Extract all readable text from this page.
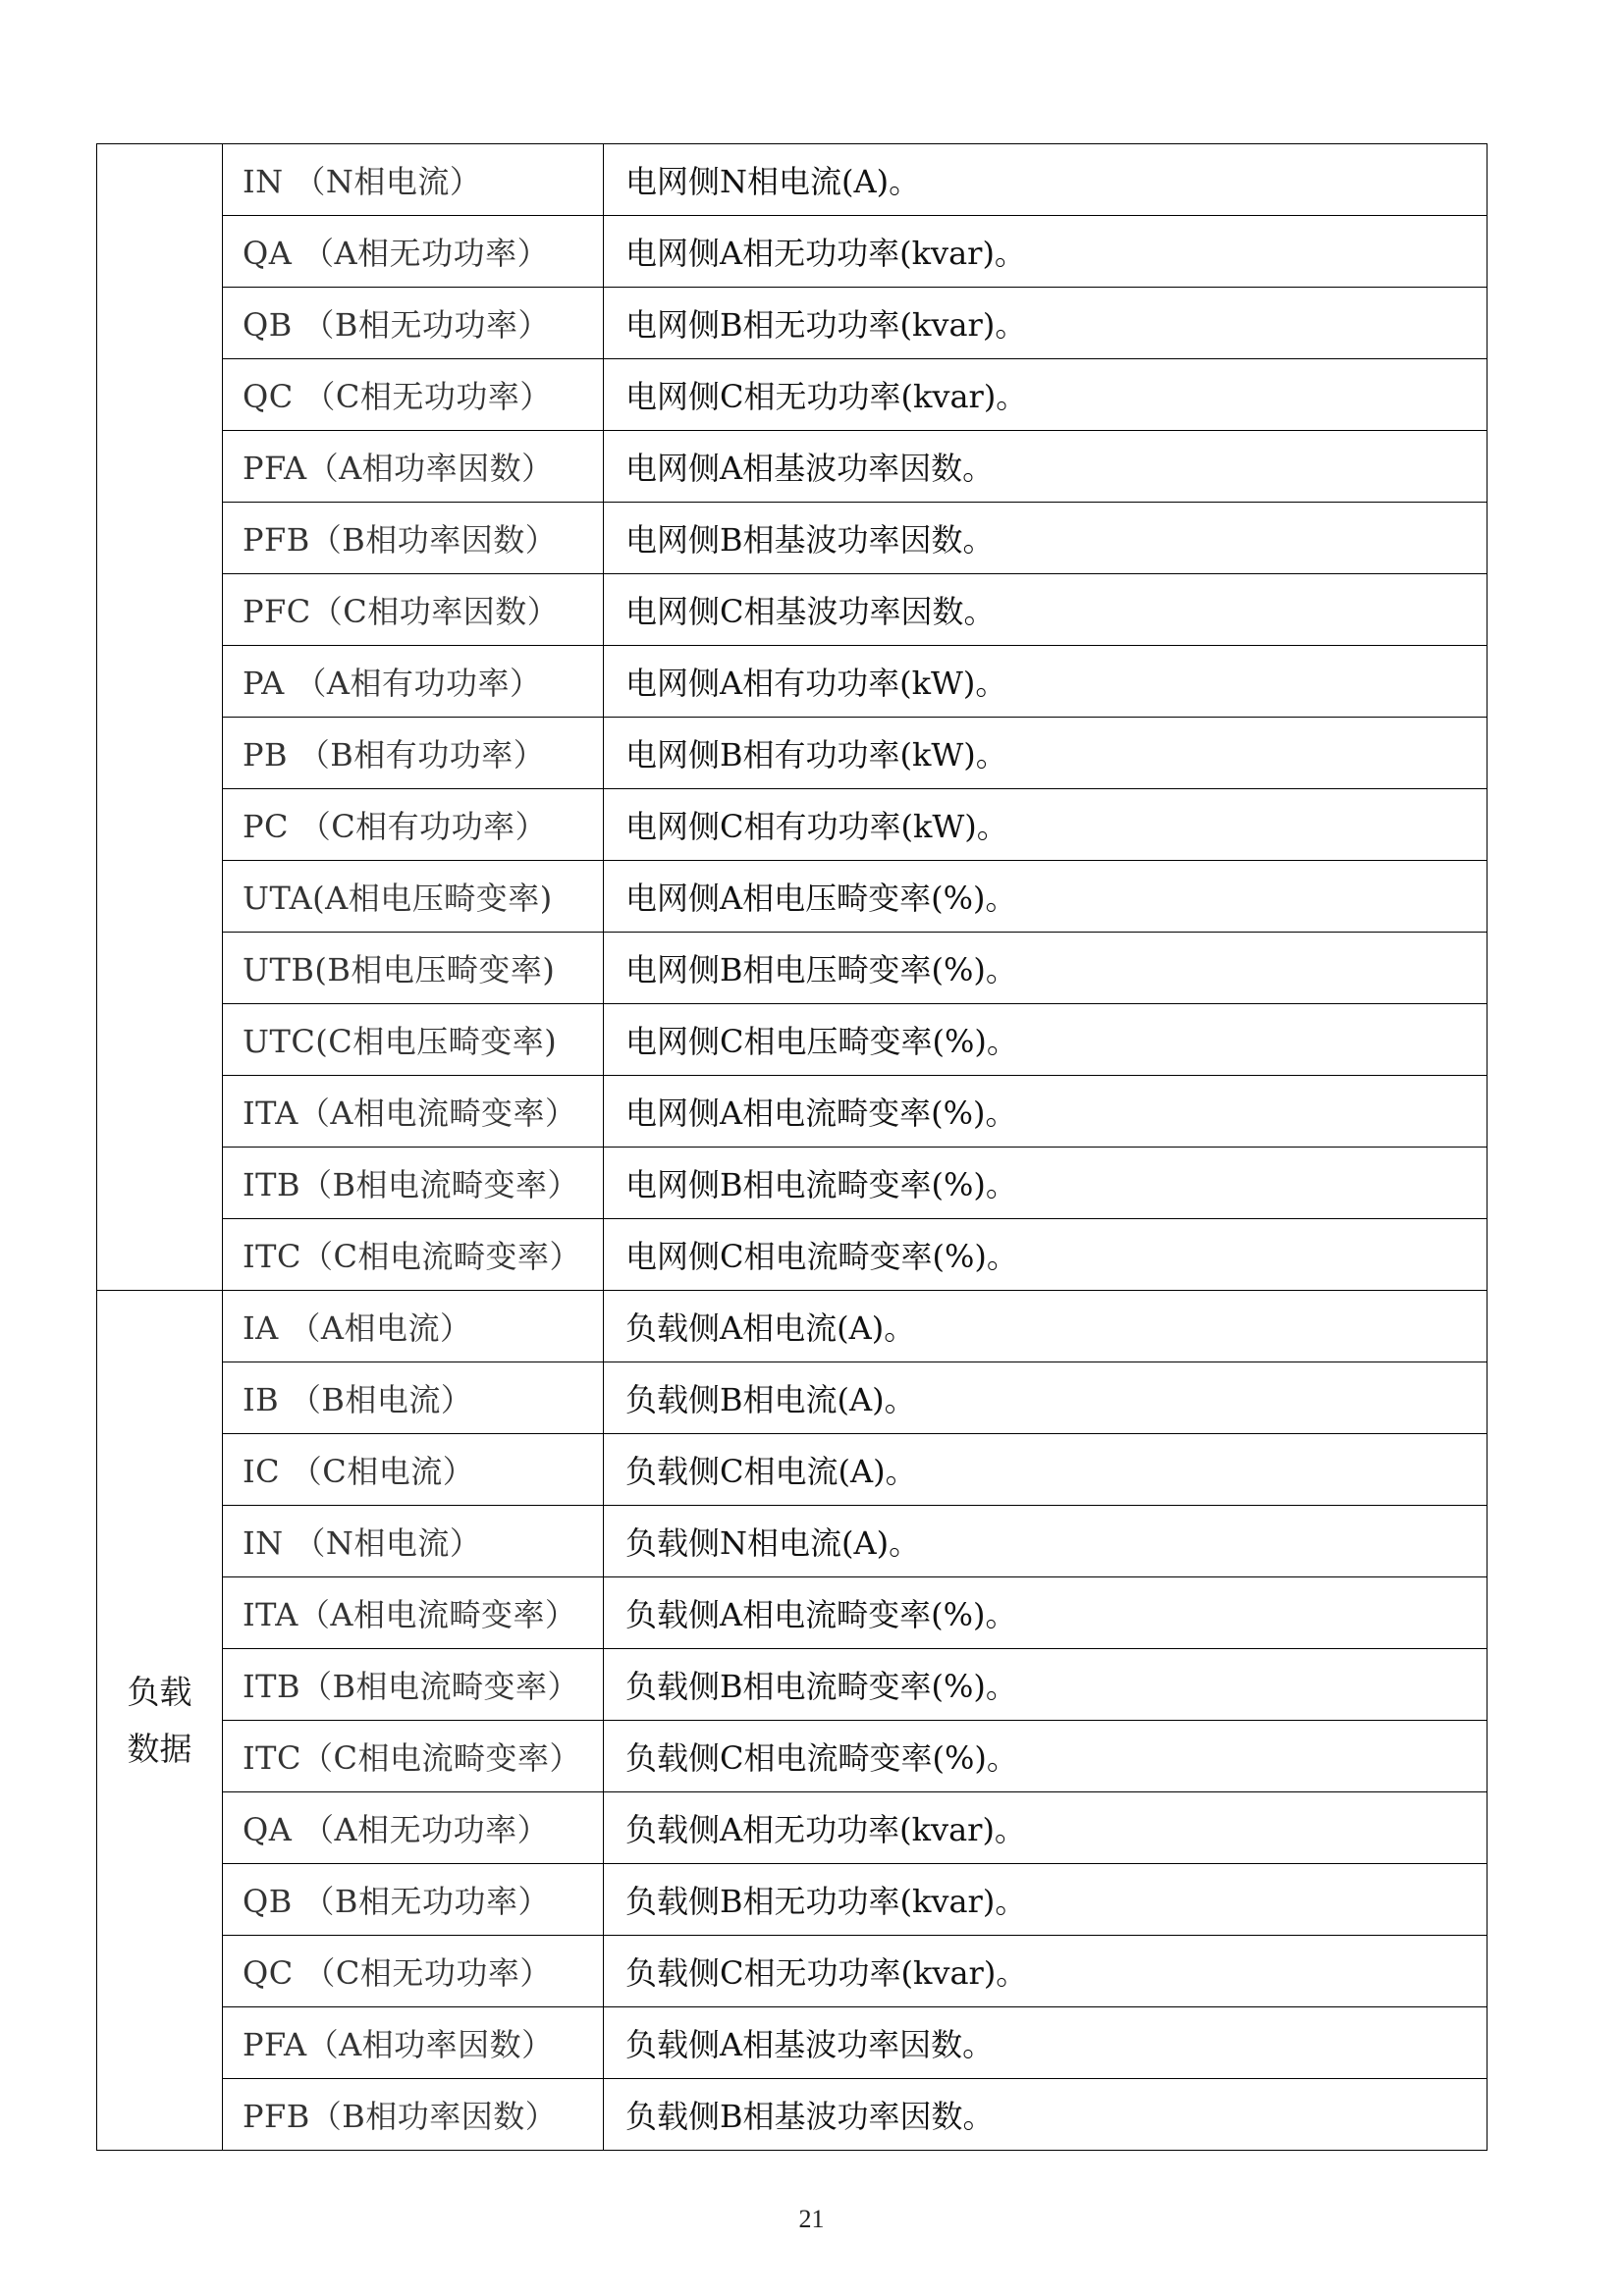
	IN （N相电流）	电网侧N相电流(A)。
	QA （A相无功功率）	电网侧A相无功功率(kvar)。
	QB （B相无功功率）	电网侧B相无功功率(kvar)。
	QC （C相无功功率）	电网侧C相无功功率(kvar)。
	PFA（A相功率因数）	电网侧A相基波功率因数。
	PFB（B相功率因数）	电网侧B相基波功率因数。
	PFC（C相功率因数）	电网侧C相基波功率因数。
	PA （A相有功功率）	电网侧A相有功功率(kW)。
	PB （B相有功功率）	电网侧B相有功功率(kW)。
	PC （C相有功功率）	电网侧C相有功功率(kW)。
	UTA(A相电压畸变率)	电网侧A相电压畸变率(%)。
	UTB(B相电压畸变率)	电网侧B相电压畸变率(%)。
	UTC(C相电压畸变率)	电网侧C相电压畸变率(%)。
	ITA（A相电流畸变率）	电网侧A相电流畸变率(%)。
	ITB（B相电流畸变率）	电网侧B相电流畸变率(%)。
	ITC（C相电流畸变率）	电网侧C相电流畸变率(%)。
负载
数据	IA （A相电流）	负载侧A相电流(A)。
	IB （B相电流）	负载侧B相电流(A)。
	IC （C相电流）	负载侧C相电流(A)。
	IN （N相电流）	负载侧N相电流(A)。
	ITA（A相电流畸变率）	负载侧A相电流畸变率(%)。
	ITB（B相电流畸变率）	负载侧B相电流畸变率(%)。
	ITC（C相电流畸变率）	负载侧C相电流畸变率(%)。
	QA （A相无功功率）	负载侧A相无功功率(kvar)。
	QB （B相无功功率）	负载侧B相无功功率(kvar)。
	QC （C相无功功率）	负载侧C相无功功率(kvar)。
	PFA（A相功率因数）	负载侧A相基波功率因数。
	PFB（B相功率因数）	负载侧B相基波功率因数。
21
